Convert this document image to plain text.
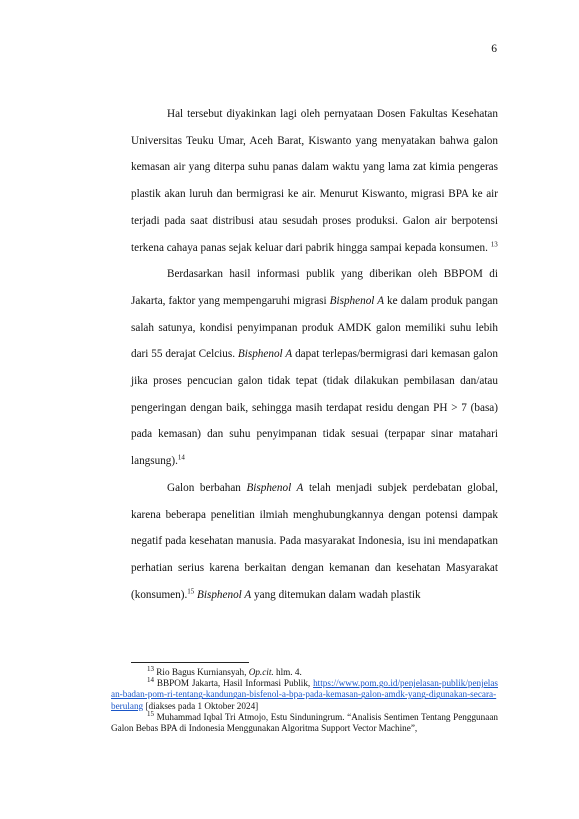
6

Hal tersebut diyakinkan lagi oleh pernyataan Dosen Fakultas Kesehatan Universitas Teuku Umar, Aceh Barat, Kiswanto yang menyatakan bahwa galon kemasan air yang diterpa suhu panas dalam waktu yang lama zat kimia pengeras plastik akan luruh dan bermigrasi ke air. Menurut Kiswanto, migrasi BPA ke air terjadi pada saat distribusi atau sesudah proses produksi. Galon air berpotensi terkena cahaya panas sejak keluar dari pabrik hingga sampai kepada konsumen. $^{13}$

Berdasarkan hasil informasi publik yang diberikan oleh BBPOM di Jakarta, faktor yang mempengaruhi migrasi Bisphenol A ke dalam produk pangan salah satunya, kondisi penyimpanan produk AMDK galon memiliki suhu lebih dari 55 derajat Celcius. Bisphenol A dapat terlepas/bermigrasi dari kemasan galon jika proses pencucian galon tidak tepat (tidak dilakukan pembilasan dan/atau pengeringan dengan baik, sehingga masih terdapat residu dengan PH > 7 (basa) pada kemasan) dan suhu penyimpanan tidak sesuai (terpapar sinar matahari langsung).$^{14}$

Galon berbahan Bisphenol A telah menjadi subjek perdebatan global, karena beberapa penelitian ilmiah menghubungkannya dengan potensi dampak negatif pada kesehatan manusia. Pada masyarakat Indonesia, isu ini mendapatkan perhatian serius karena berkaitan dengan kemanan dan kesehatan Masyarakat (konsumen).$^{15}$ Bisphenol A yang ditemukan dalam wadah plastik

$^{13}$ Rio Bagus Kurniansyah, Op.cit. hlm. 4.

$^{14}$ BBPOM Jakarta, Hasil Informasi Publik, https://www.pom.go.id/penjelasan-publik/penjelasan-badan-pom-ri-tentang-kandungan-bisfenol-a-bpa-pada-kemasan-galon-amdk-yang-digunakan-secara-berulang [diakses pada 1 Oktober 2024]

$^{15}$ Muhammad Iqbal Tri Atmojo, Estu Sinduningrum. “Analisis Sentimen Tentang Penggunaan Galon Bebas BPA di Indonesia Menggunakan Algoritma Support Vector Machine”,
